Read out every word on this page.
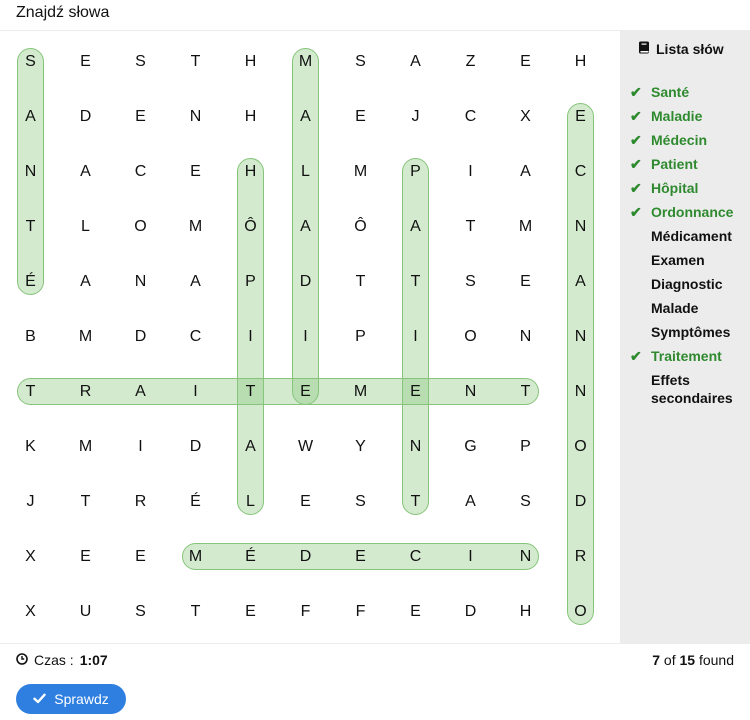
Znajdź słowa
S	E	S	T	H	M	S	A	Z	E	H
A	D	E	N	H	A	E	J	C	X	E
N	A	C	E	H	L	M	P	I	A	C
T	L	O	M	Ô	A	Ô	A	T	M	N
É	A	N	A	P	D	T	T	S	E	A
B	M	D	C	I	I	P	I	O	N	N
T	R	A	I	T	E	M	E	N	T	N
K	M	I	D	A	W	Y	N	G	P	O
J	T	R	É	L	E	S	T	A	S	D
X	E	E	M	É	D	E	C	I	N	R
X	U	S	T	E	F	F	E	D	H	O
Lista słów
✔ Santé
✔ Maladie
✔ Médecin
✔ Patient
✔ Hôpital
✔ Ordonnance
Médicament
Examen
Diagnostic
Malade
Symptômes
✔ Traitement
Effets secondaires
Czas : 1:07	7 of 15 found
Sprawdz
